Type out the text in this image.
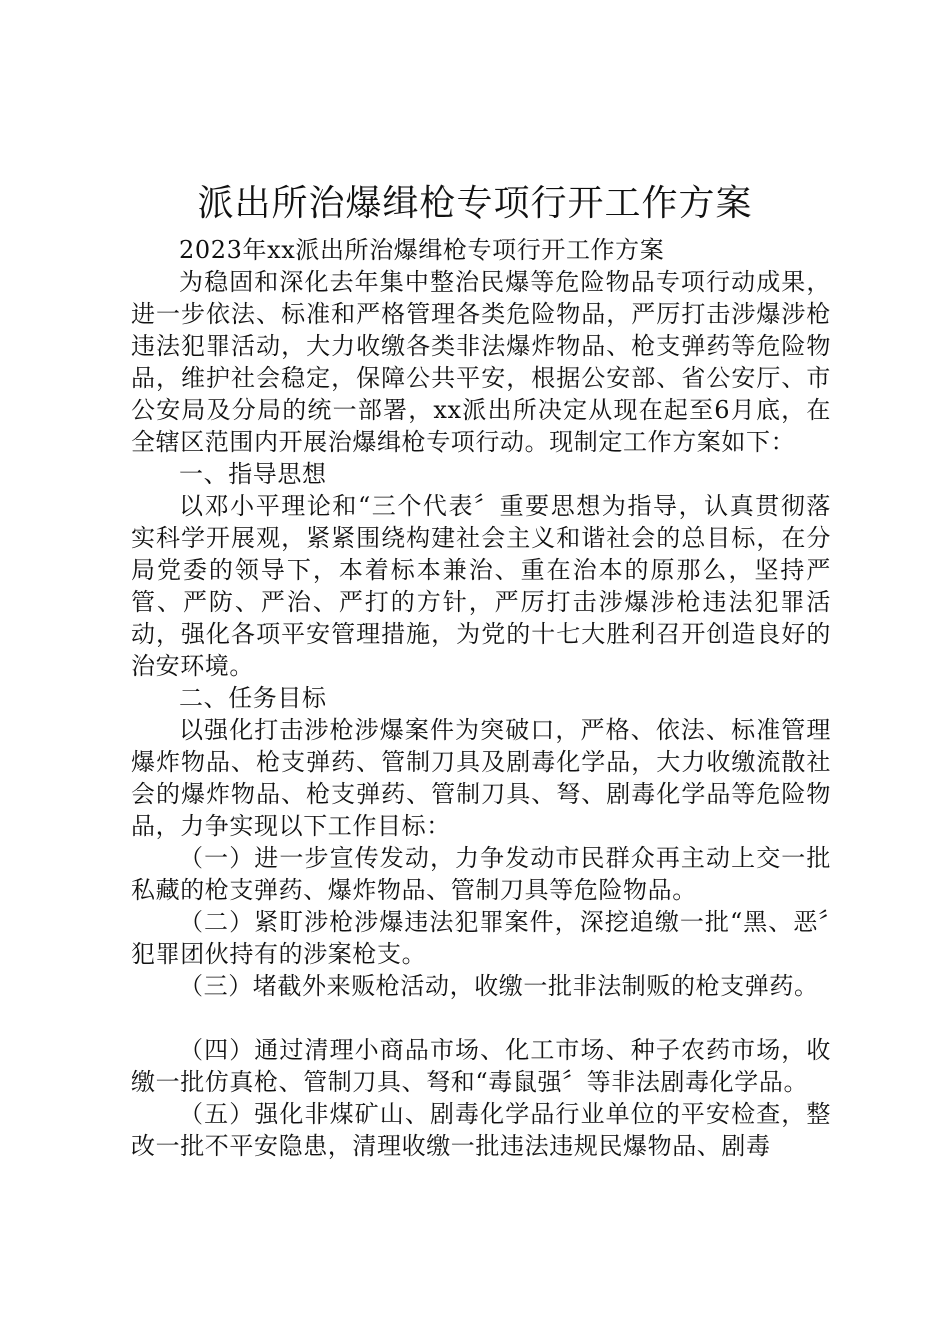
派出所治爆缉枪专项行开工作方案

2023年xx派出所治爆缉枪专项行开工作方案

为稳固和深化去年集中整治民爆等危险物品专项行动成果，进一步依法、标准和严格管理各类危险物品，严厉打击涉爆涉枪违法犯罪活动，大力收缴各类非法爆炸物品、枪支弹药等危险物品，维护社会稳定，保障公共平安，根据公安部、省公安厅、市公安局及分局的统一部署，xx派出所决定从现在起至6月底，在全辖区范围内开展治爆缉枪专项行动。现制定工作方案如下：

一、指导思想

以邓小平理论和“三个代表〞重要思想为指导，认真贯彻落实科学开展观，紧紧围绕构建社会主义和谐社会的总目标，在分局党委的领导下，本着标本兼治、重在治本的原那么，坚持严管、严防、严治、严打的方针，严厉打击涉爆涉枪违法犯罪活动，强化各项平安管理措施，为党的十七大胜利召开创造良好的治安环境。

二、任务目标

以强化打击涉枪涉爆案件为突破口，严格、依法、标准管理爆炸物品、枪支弹药、管制刀具及剧毒化学品，大力收缴流散社会的爆炸物品、枪支弹药、管制刀具、弩、剧毒化学品等危险物品，力争实现以下工作目标：

（一）进一步宣传发动，力争发动市民群众再主动上交一批私藏的枪支弹药、爆炸物品、管制刀具等危险物品。

（二）紧盯涉枪涉爆违法犯罪案件，深挖追缴一批“黑、恶〞犯罪团伙持有的涉案枪支。

（三）堵截外来贩枪活动，收缴一批非法制贩的枪支弹药。

（四）通过清理小商品市场、化工市场、种子农药市场，收缴一批仿真枪、管制刀具、弩和“毒鼠强〞等非法剧毒化学品。

（五）强化非煤矿山、剧毒化学品行业单位的平安检查，整改一批不平安隐患，清理收缴一批违法违规民爆物品、剧毒
